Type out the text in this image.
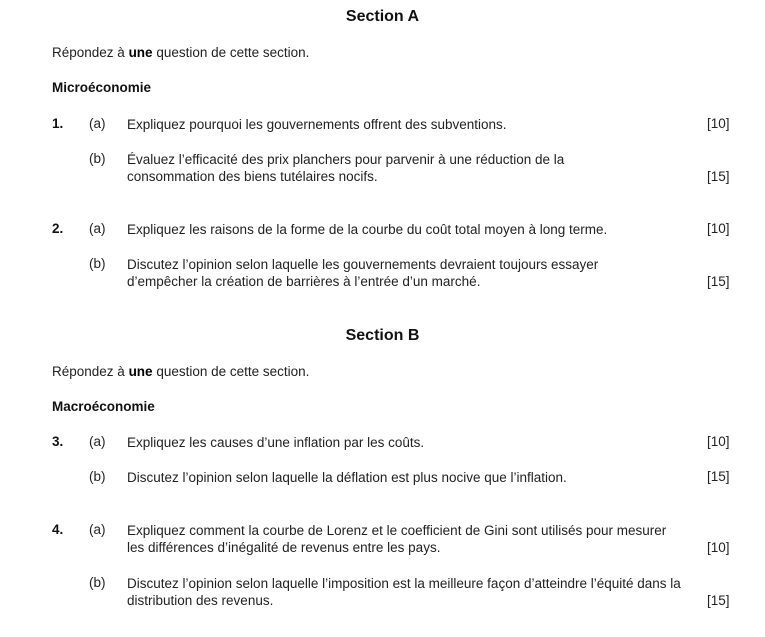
Section A
Répondez à une question de cette section.
Microéconomie
1. (a) Expliquez pourquoi les gouvernements offrent des subventions.	[10]
(b) Évaluez l’efficacité des prix planchers pour parvenir à une réduction de la consommation des biens tutélaires nocifs.	[15]
2. (a) Expliquez les raisons de la forme de la courbe du coût total moyen à long terme.	[10]
(b) Discutez l’opinion selon laquelle les gouvernements devraient toujours essayer d’empêcher la création de barrières à l’entrée d’un marché.	[15]
Section B
Répondez à une question de cette section.
Macroéconomie
3. (a) Expliquez les causes d’une inflation par les coûts.	[10]
(b) Discutez l’opinion selon laquelle la déflation est plus nocive que l’inflation.	[15]
4. (a) Expliquez comment la courbe de Lorenz et le coefficient de Gini sont utilisés pour mesurer les différences d’inégalité de revenus entre les pays.	[10]
(b) Discutez l’opinion selon laquelle l’imposition est la meilleure façon d’atteindre l’équité dans la distribution des revenus.	[15]
